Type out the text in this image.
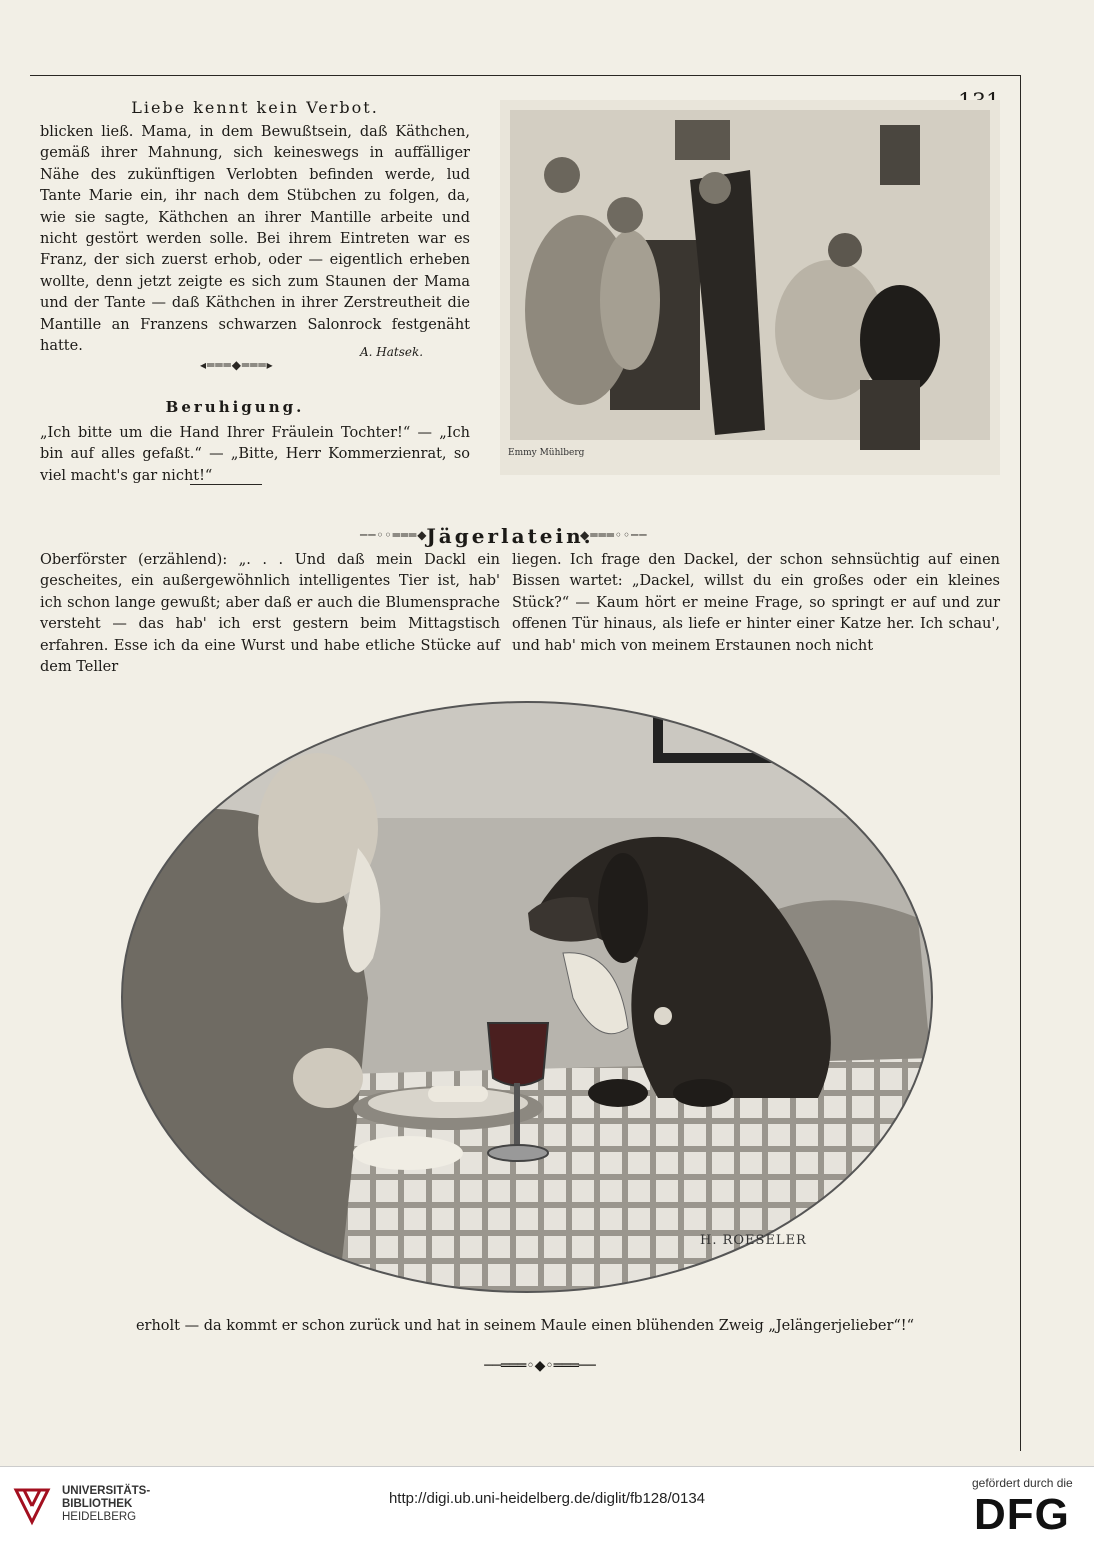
Liebe kennt kein Verbot.

blicken ließ. Mama, in dem Bewußtsein, daß Käthchen, gemäß ihrer Mahnung, sich keineswegs in auffälliger Nähe des zukünftigen Verlobten befinden werde, lud Tante Marie ein, ihr nach dem Stübchen zu folgen, da, wie sie sagte, Käthchen an ihrer Mantille arbeite und nicht gestört werden solle. Bei ihrem Eintreten war es Franz, der sich zuerst erhob, oder — eigentlich erheben wollte, denn jetzt zeigte es sich zum Staunen der Mama und der Tante — daß Käthchen in ihrer Zerstreutheit die Mantille an Franzens schwarzen Salonrock festgenäht hatte.

◂═══◆═══▸
A. Hatsek.
Beruhigung.
„Ich bitte um die Hand Ihrer Fräulein Tochter!“ — „Ich bin auf alles gefaßt.“ — „Bitte, Herr Kommerzienrat, so viel macht's gar nicht!“
Emmy Mühlberg
──◦◦═══◆
Jägerlatein.
◆═══◦◦──
Oberförster (erzählend): „. . . Und daß mein Dackl ein gescheites, ein außergewöhnlich intelligentes Tier ist, hab' ich schon lange gewußt; aber daß er auch die Blumensprache versteht — das hab' ich erst gestern beim Mittagstisch erfahren. Esse ich da eine Wurst und habe etliche Stücke auf dem Teller
liegen. Ich frage den Dackel, der schon sehnsüchtig auf einen Bissen wartet: „Dackel, willst du ein großes oder ein kleines Stück?“ — Kaum hört er meine Frage, so springt er auf und zur offenen Tür hinaus, als liefe er hinter einer Katze her. Ich schau', und hab' mich von meinem Erstaunen noch nicht
H. ROESELER
erholt — da kommt er schon zurück und hat in seinem Maule einen blühenden Zweig „Jelängerjelieber“!“
──═══◦◆◦═══──
UNIVERSITÄTS-
BIBLIOTHEK
HEIDELBERG
http://digi.ub.uni-heidelberg.de/diglit/fb128/0134
gefördert durch die
DFG
